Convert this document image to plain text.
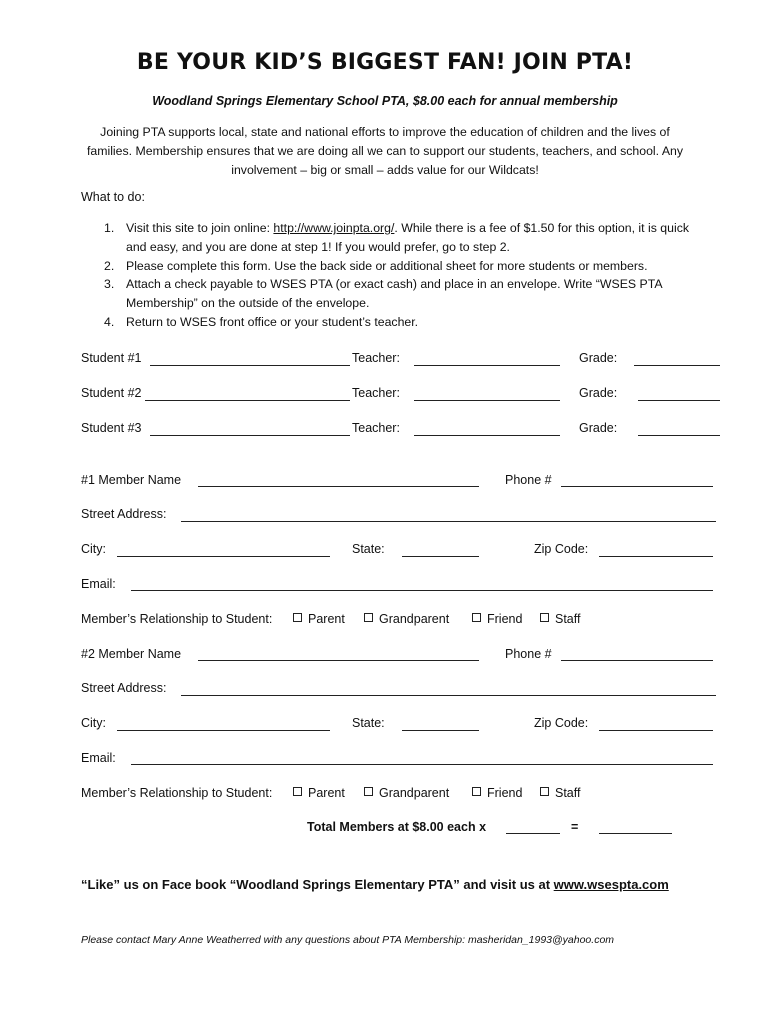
BE YOUR KID’S BIGGEST FAN! JOIN PTA!
Woodland Springs Elementary School PTA, $8.00 each for annual membership
Joining PTA supports local, state and national efforts to improve the education of children and the lives of families. Membership ensures that we are doing all we can to support our students, teachers, and school. Any involvement – big or small – adds value for our Wildcats!
What to do:
1. Visit this site to join online: http://www.joinpta.org/. While there is a fee of $1.50 for this option, it is quick and easy, and you are done at step 1! If you would prefer, go to step 2.
2. Please complete this form. Use the back side or additional sheet for more students or members.
3. Attach a check payable to WSES PTA (or exact cash) and place in an envelope. Write “WSES PTA Membership” on the outside of the envelope.
4. Return to WSES front office or your student’s teacher.
Student #1	Teacher:	Grade:
Student #2	Teacher:	Grade:
Student #3	Teacher:	Grade:
#1 Member Name	Phone #
Street Address:
City:	State:	Zip Code:
Email:
Member’s Relationship to Student:	Parent	Grandparent	Friend	Staff
#2 Member Name	Phone #
Street Address:
City:	State:	Zip Code:
Email:
Member’s Relationship to Student:	Parent	Grandparent	Friend	Staff
Total Members at $8.00 each x	=
“Like” us on Face book “Woodland Springs Elementary PTA” and visit us at www.wsespta.com
Please contact Mary Anne Weatherred with any questions about PTA Membership: masheridan_1993@yahoo.com
